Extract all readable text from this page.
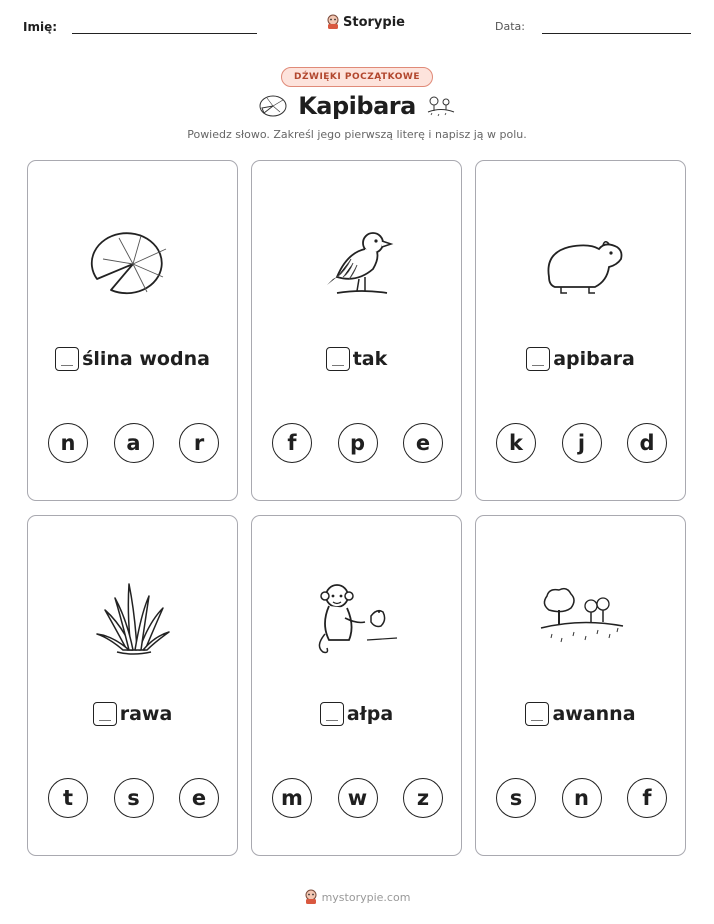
Imię:	Storypie	Data:
DŹWIĘKI POCZĄTKOWE
Kapibara
Powiedz słowo. Zakreśl jego pierwszą literę i napisz ją w polu.
ślina wodna
n	a	r
tak
f	p	e
apibara
k	j	d
rawa
t	s	e
ałpa
m	w	z
awanna
s	n	f
mystorypie.com
